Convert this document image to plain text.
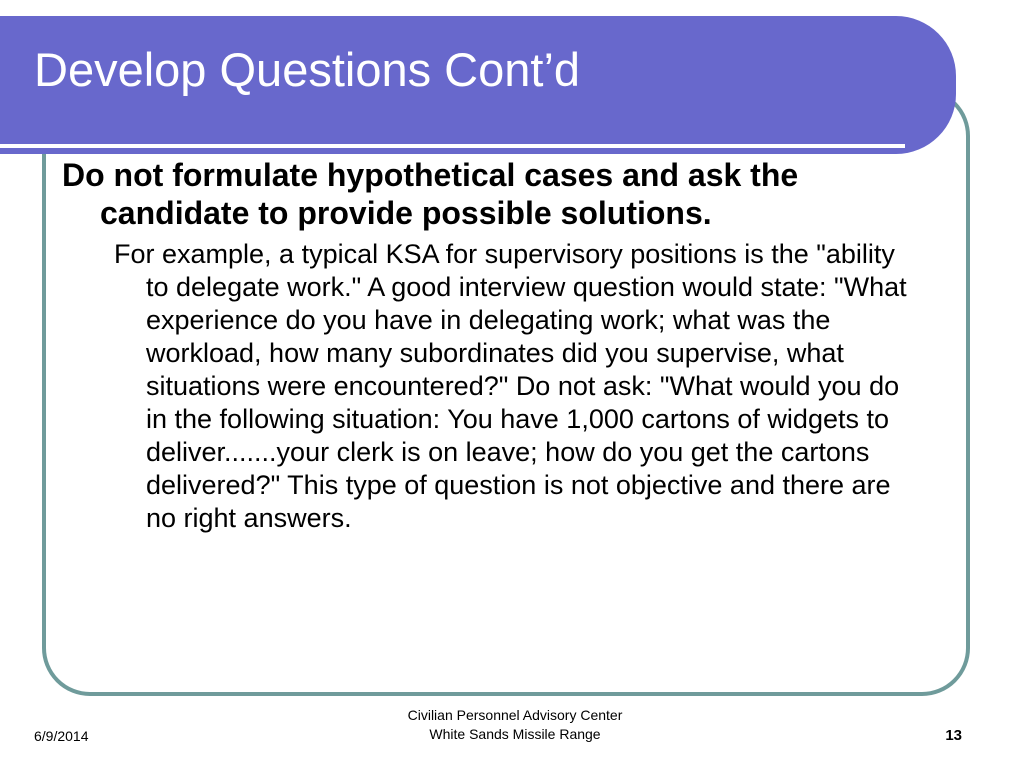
Develop Questions Cont’d

Do not formulate hypothetical cases and ask the candidate to provide possible solutions.

For example, a typical KSA for supervisory positions is the "ability to delegate work." A good interview question would state: "What experience do you have in delegating work; what was the workload, how many subordinates did you supervise, what situations were encountered?" Do not ask: "What would you do in the following situation: You have 1,000 cartons of widgets to deliver.......your clerk is on leave; how do you get the cartons delivered?" This type of question is not objective and there are no right answers.

6/9/2014
Civilian Personnel Advisory Center
White Sands Missile Range	13
